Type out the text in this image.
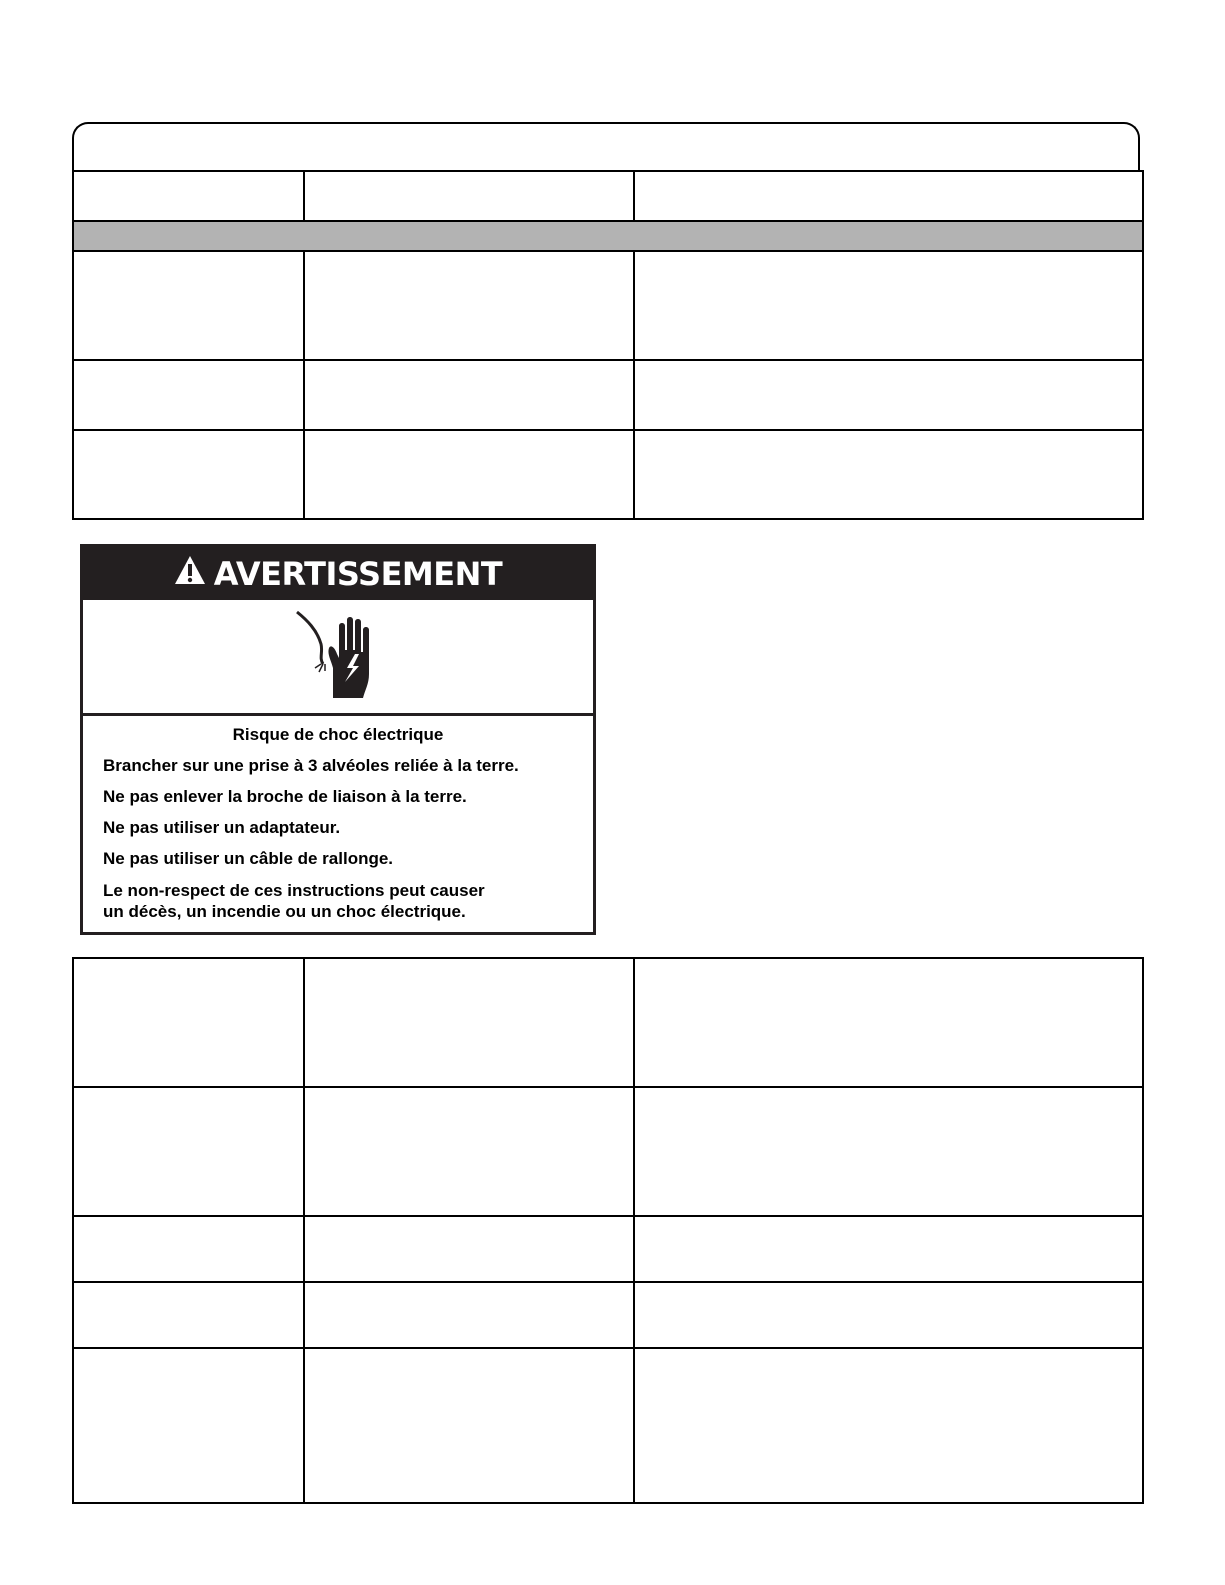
AVERTISSEMENT
Risque de choc électrique

Brancher sur une prise à 3 alvéoles reliée à la terre.

Ne pas enlever la broche de liaison à la terre.

Ne pas utiliser un adaptateur.

Ne pas utiliser un câble de rallonge.

Le non-respect de ces instructions peut causer
un décès, un incendie ou un choc électrique.
